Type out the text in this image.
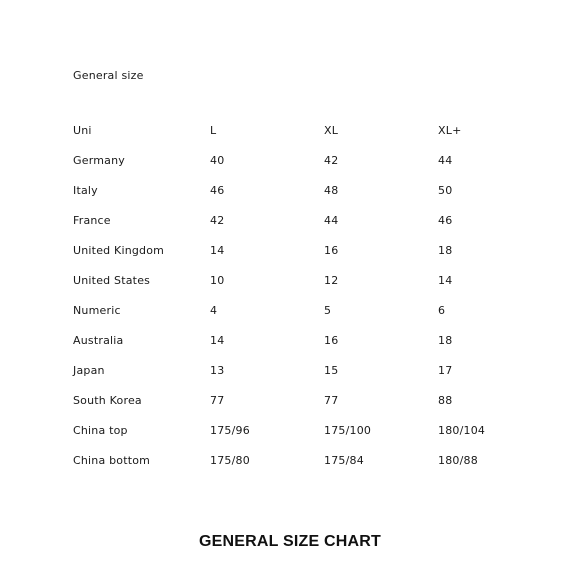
General size
Uni	L	XL	XL+
Germany	40	42	44
Italy	46	48	50
France	42	44	46
United Kingdom	14	16	18
United States	10	12	14
Numeric	4	5	6
Australia	14	16	18
Japan	13	15	17
South Korea	77	77	88
China top	175/96	175/100	180/104
China bottom	175/80	175/84	180/88
GENERAL SIZE CHART
